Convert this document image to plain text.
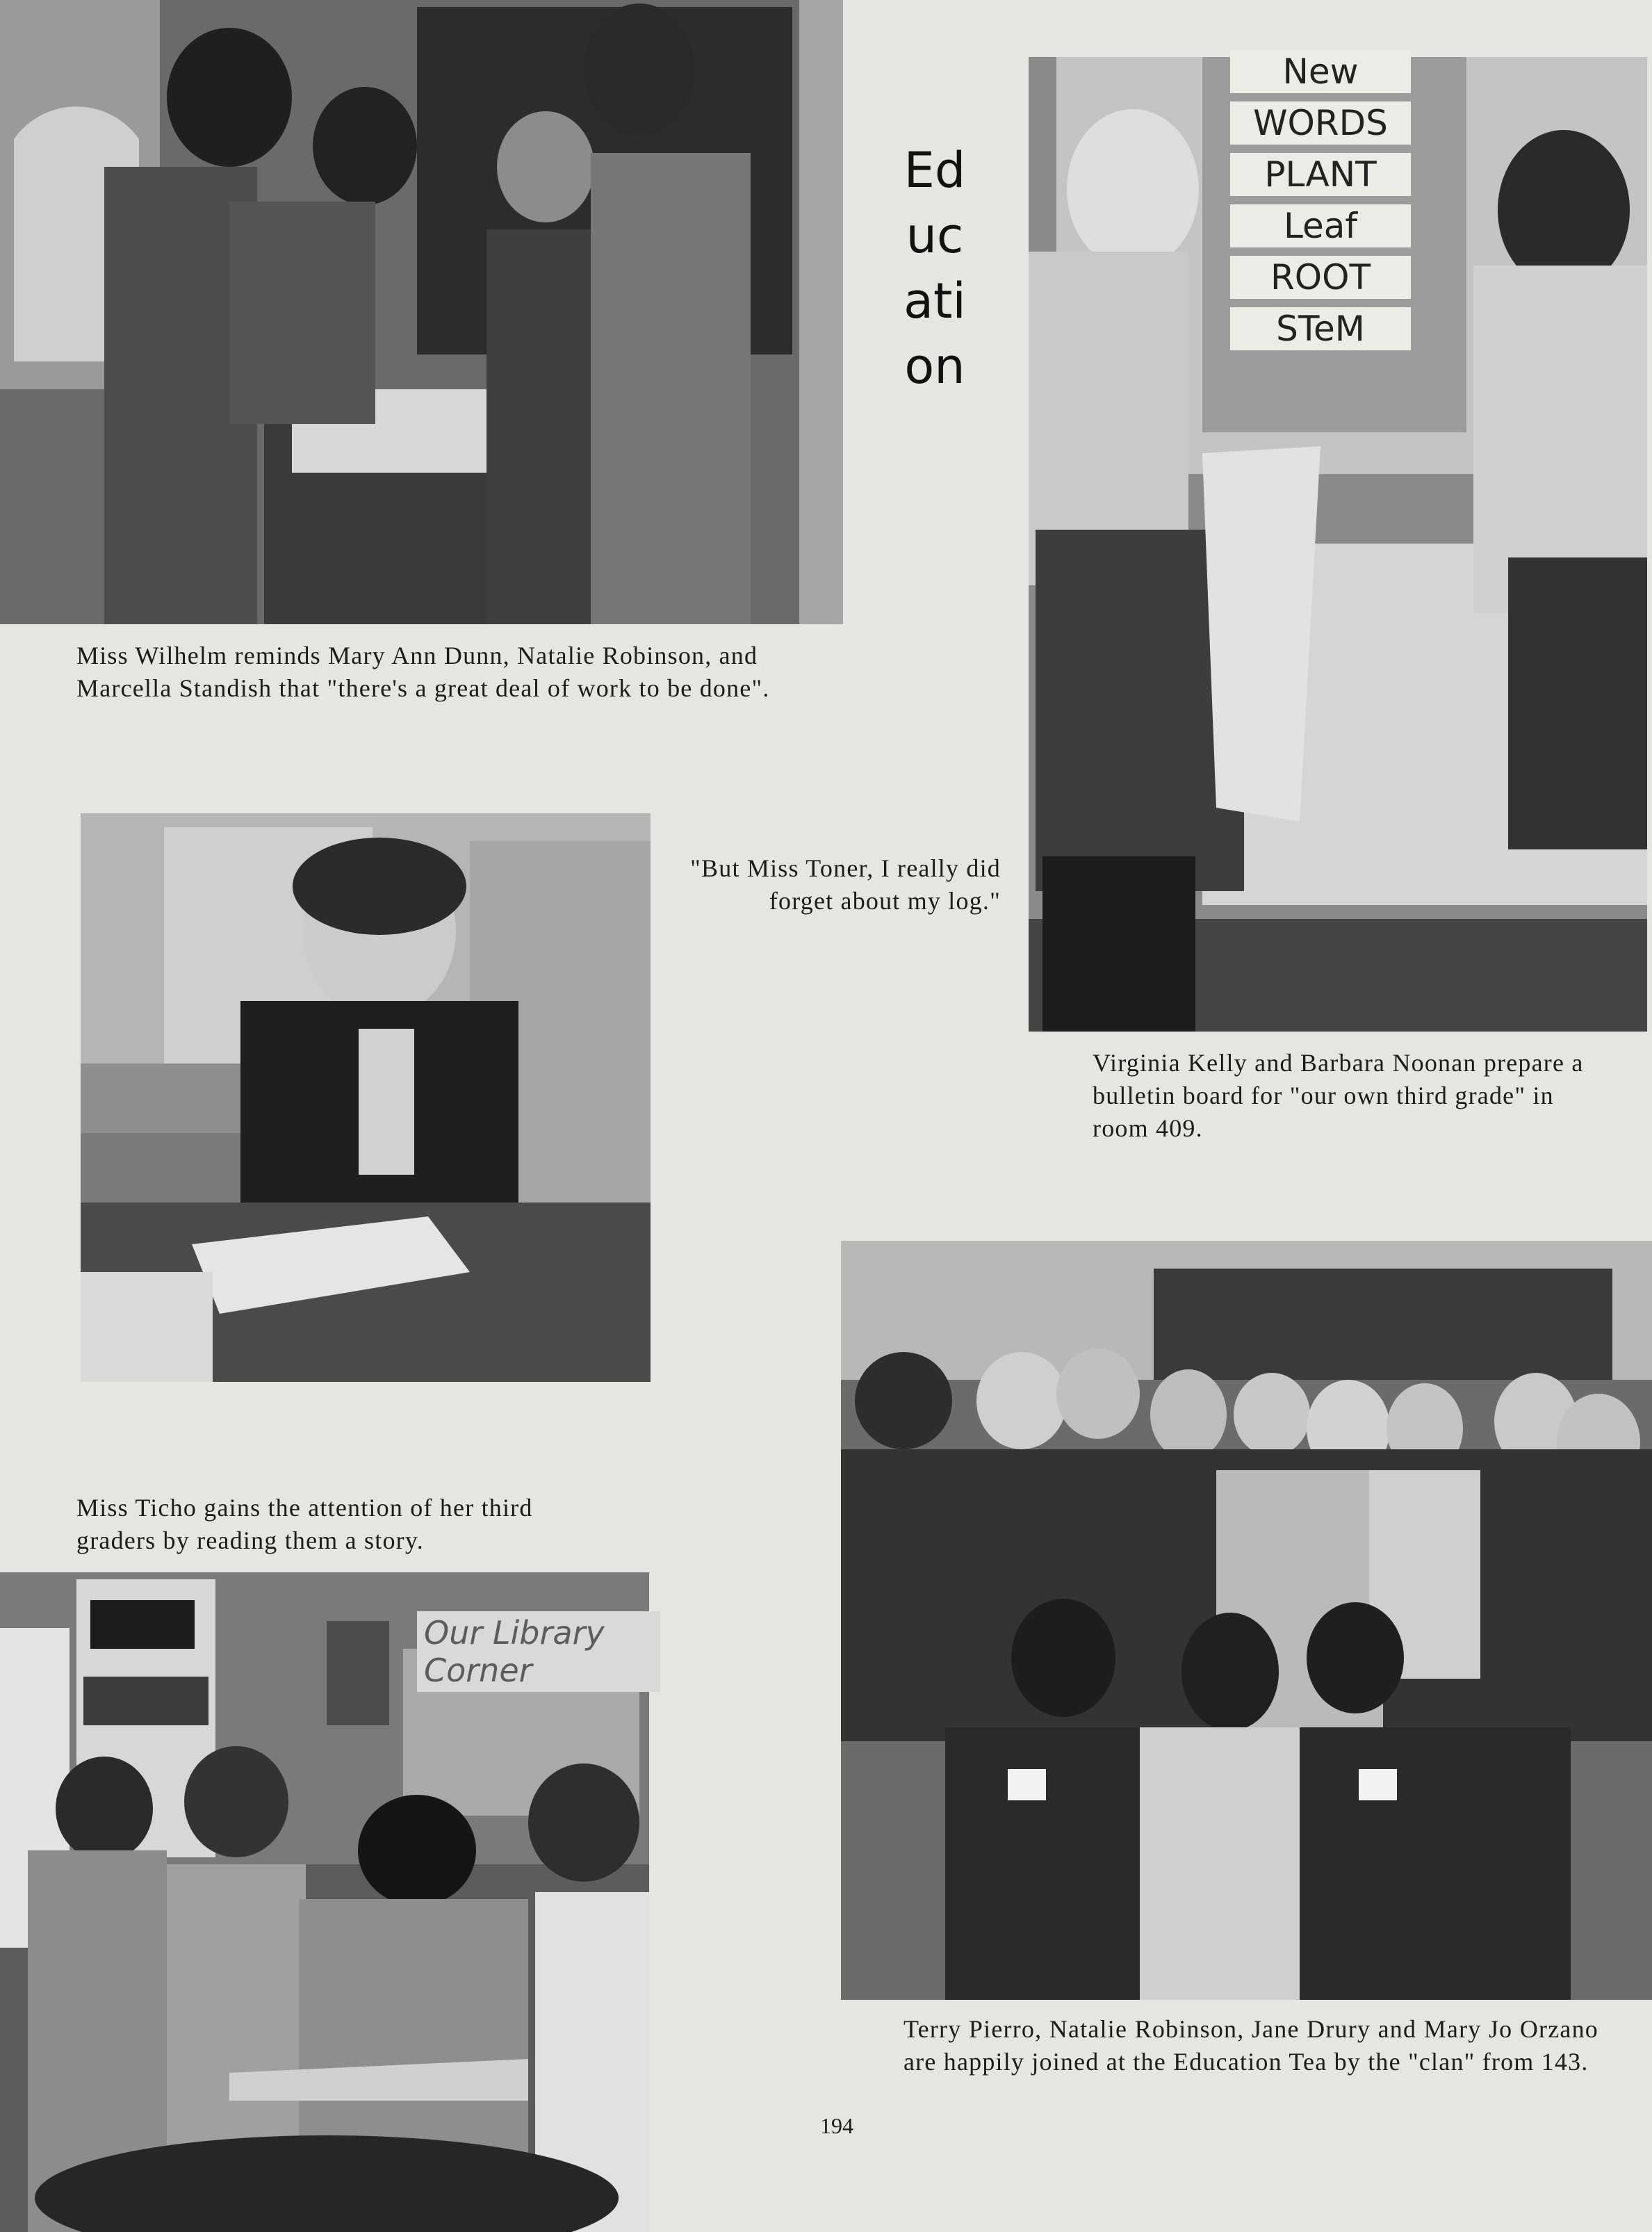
Education

Miss Wilhelm reminds Mary Ann Dunn, Natalie Robinson, and Marcella Standish that "there's a great deal of work to be done".

New
WORDS
PLANT
Leaf
ROOT
STeM

Virginia Kelly and Barbara Noonan prepare a bulletin board for "our own third grade" in room 409.

"But Miss Toner, I really did forget about my log."

Miss Ticho gains the attention of her third graders by reading them a story.

Our Library Corner

Terry Pierro, Natalie Robinson, Jane Drury and Mary Jo Orzano are happily joined at the Education Tea by the "clan" from 143.

194
